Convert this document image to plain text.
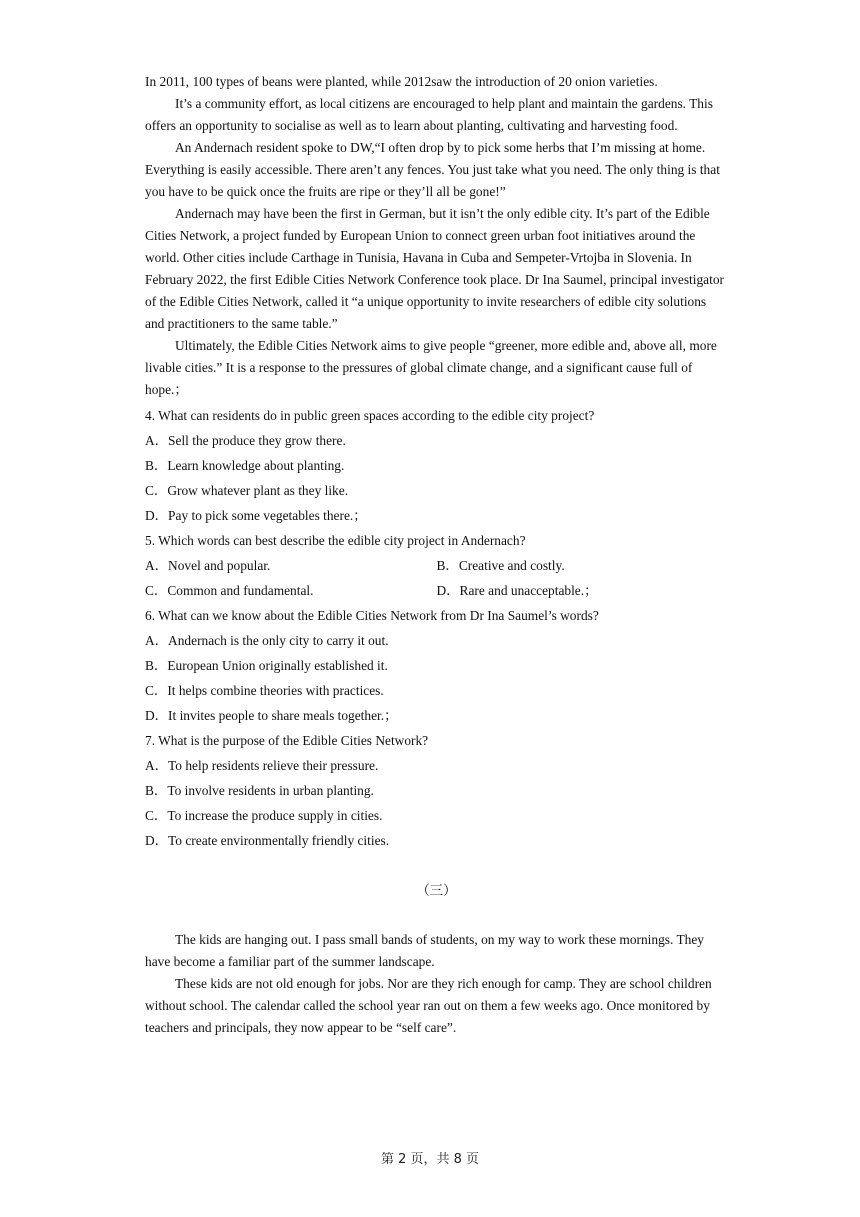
In 2011, 100 types of beans were planted, while 2012saw the introduction of 20 onion varieties.

It’s a community effort, as local citizens are encouraged to help plant and maintain the gardens. This offers an opportunity to socialise as well as to learn about planting, cultivating and harvesting food.

An Andernach resident spoke to DW,“I often drop by to pick some herbs that I’m missing at home. Everything is easily accessible. There aren’t any fences. You just take what you need. The only thing is that you have to be quick once the fruits are ripe or they’ll all be gone!”

Andernach may have been the first in German, but it isn’t the only edible city. It’s part of the Edible Cities Network, a project funded by European Union to connect green urban foot initiatives around the world. Other cities include Carthage in Tunisia, Havana in Cuba and Sempeter-Vrtojba in Slovenia. In February 2022, the first Edible Cities Network Conference took place. Dr Ina Saumel, principal investigator of the Edible Cities Network, called it “a unique opportunity to invite researchers of edible city solutions and practitioners to the same table.”

Ultimately, the Edible Cities Network aims to give people “greener, more edible and, above all, more livable cities.” It is a response to the pressures of global climate change, and a significant cause full of hope.；

4. What can residents do in public green spaces according to the edible city project?
A．Sell the produce they grow there.
B．Learn knowledge about planting.
C．Grow whatever plant as they like.
D．Pay to pick some vegetables there.；
5. Which words can best describe the edible city project in Andernach?
A．Novel and popular.	B．Creative and costly.
C．Common and fundamental.	D．Rare and unacceptable.；
6. What can we know about the Edible Cities Network from Dr Ina Saumel’s words?
A．Andernach is the only city to carry it out.
B．European Union originally established it.
C．It helps combine theories with practices.
D．It invites people to share meals together.；
7. What is the purpose of the Edible Cities Network?
A．To help residents relieve their pressure.
B．To involve residents in urban planting.
C．To increase the produce supply in cities.
D．To create environmentally friendly cities.
（三）

The kids are hanging out. I pass small bands of students, on my way to work these mornings. They have become a familiar part of the summer landscape.

These kids are not old enough for jobs. Nor are they rich enough for camp. They are school children without school. The calendar called the school year ran out on them a few weeks ago. Once monitored by teachers and principals, they now appear to be “self care”.

第 2 页，共 8 页
